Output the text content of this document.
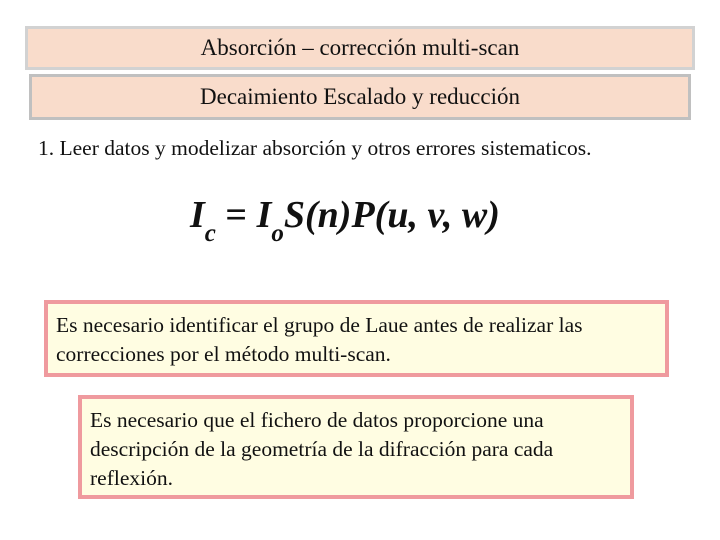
Absorción – corrección multi-scan
Decaimiento Escalado y reducción
1. Leer datos y modelizar absorción y otros errores sistematicos.
$I_c = I_oS(n)P(u$, v, w)
Es necesario identificar el grupo de Laue antes de realizar las correcciones por el método multi-scan.
Es necesario que el fichero de datos proporcione una descripción de la geometría de la difracción para cada reflexión.
